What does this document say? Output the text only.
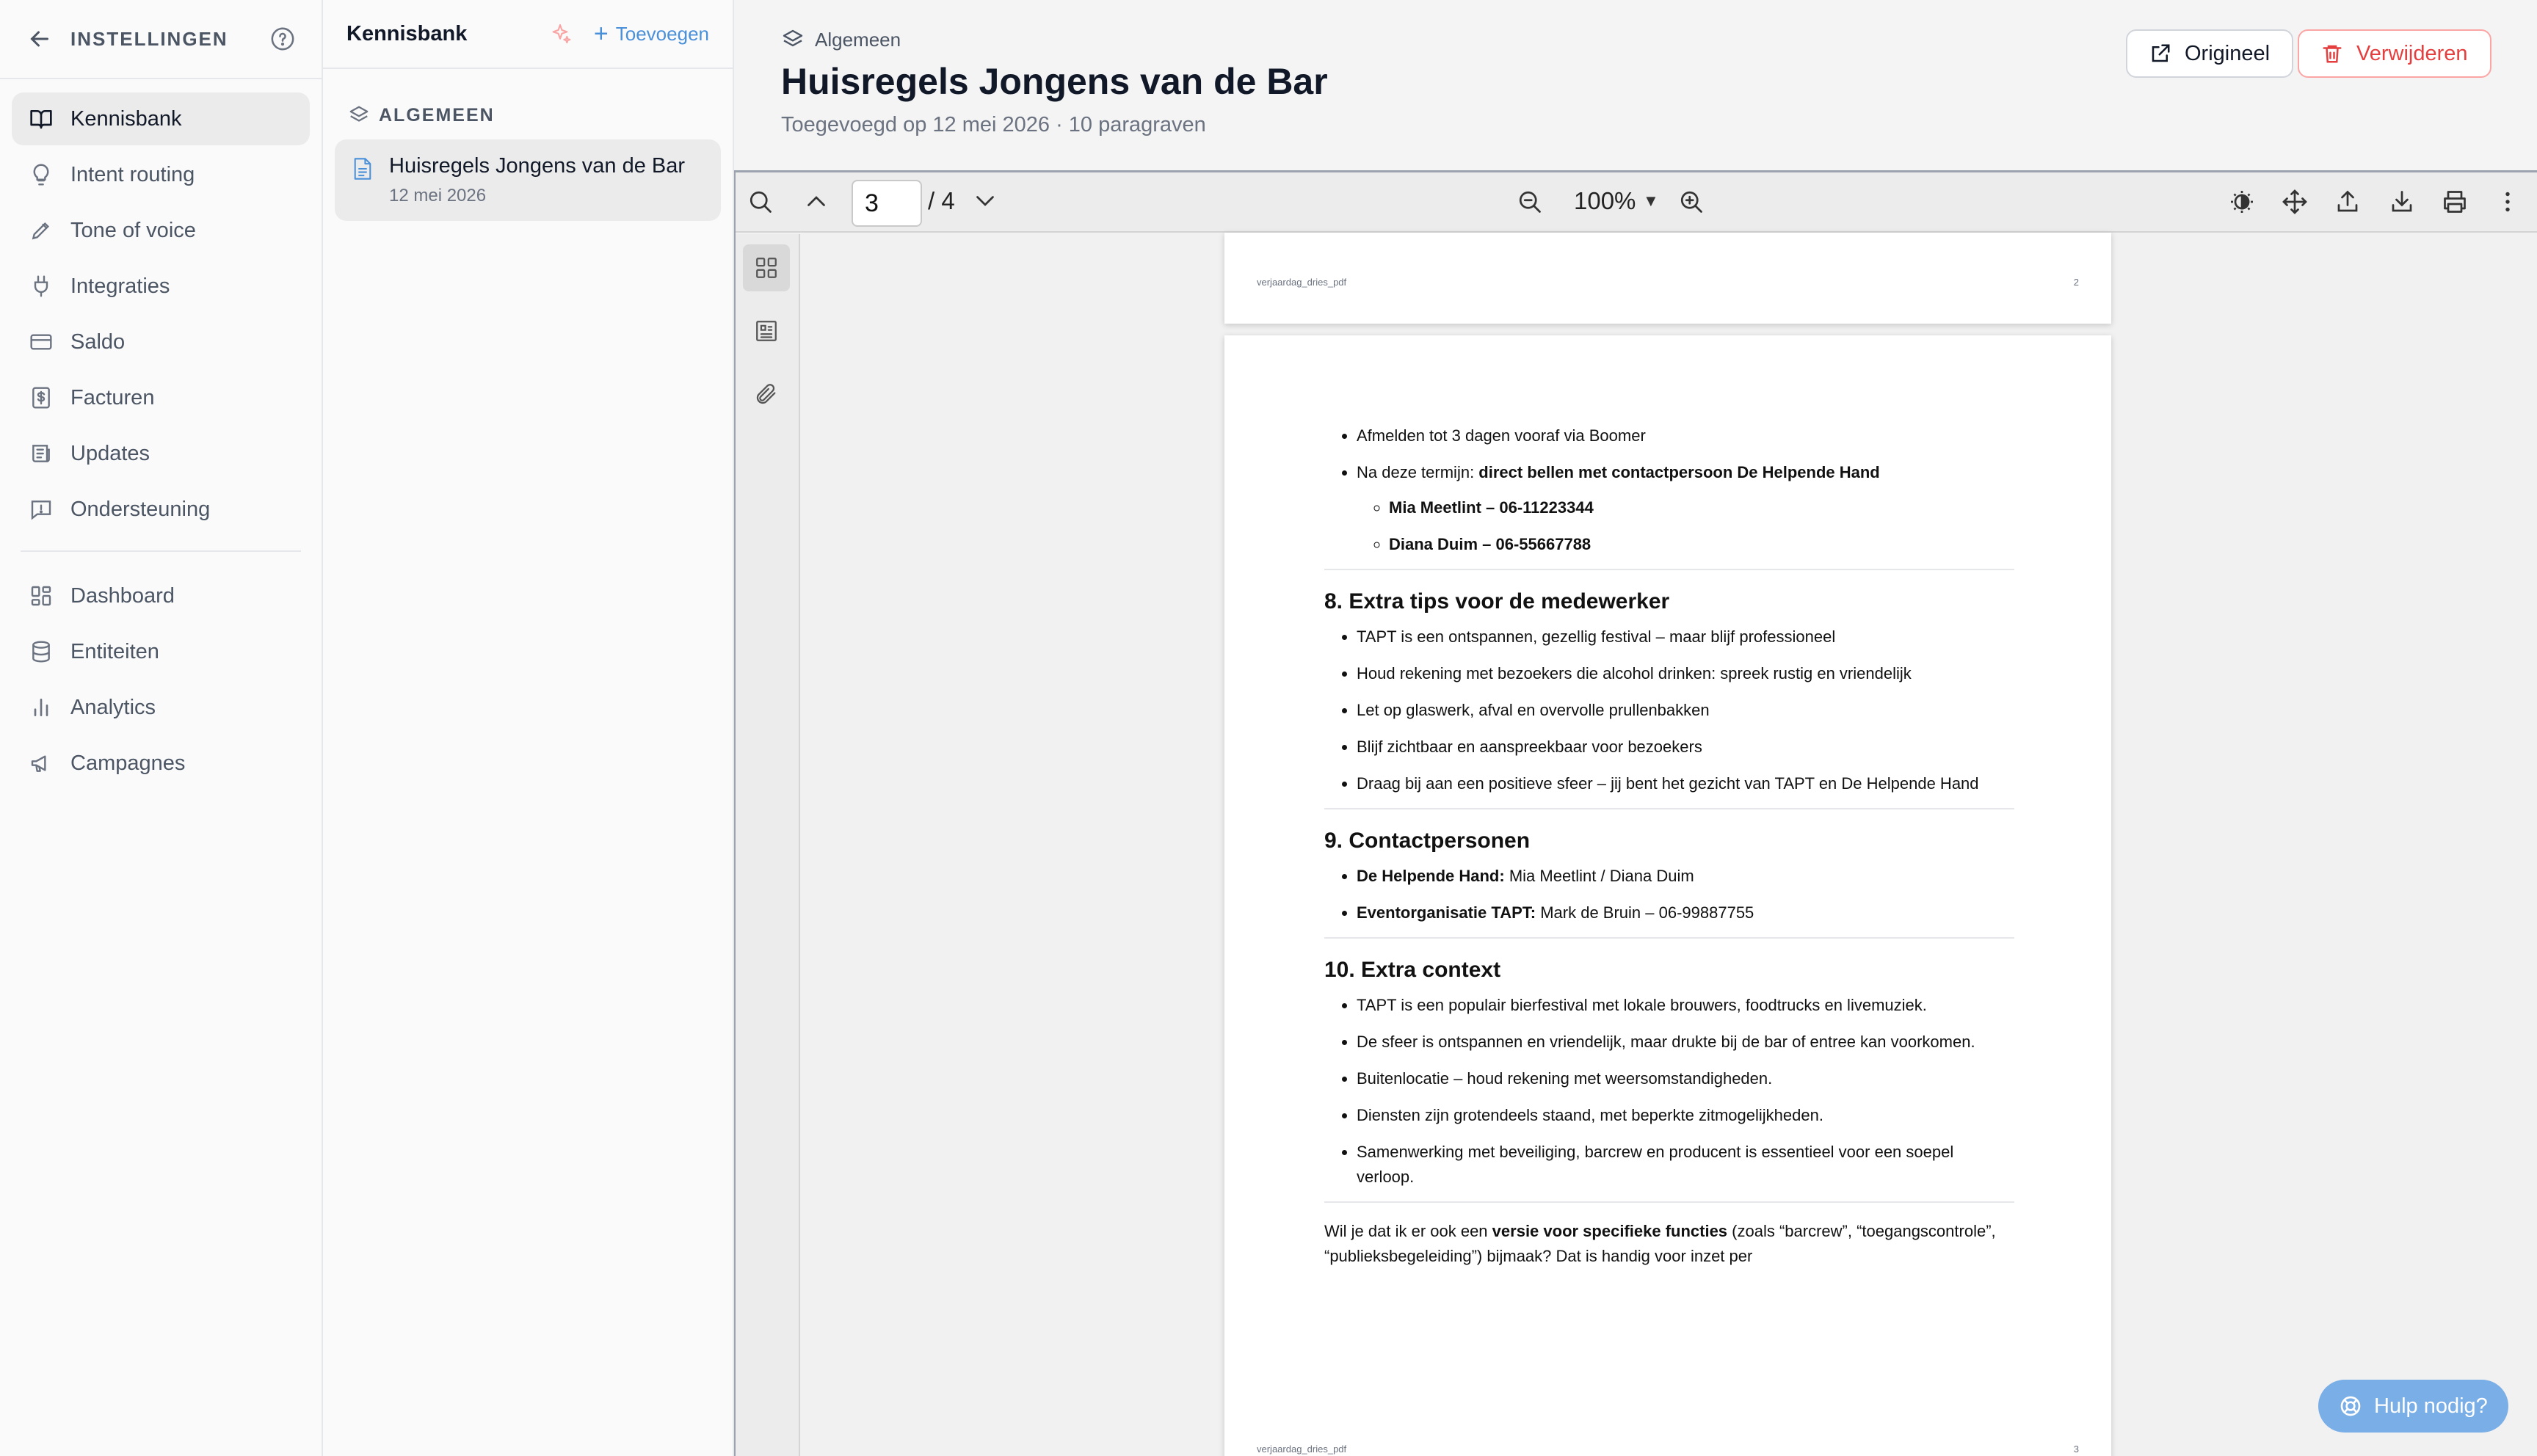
INSTELLINGEN
Kennisbank
Intent routing
Tone of voice
Integraties
Saldo
Facturen
Updates
Ondersteuning
Dashboard
Entiteiten
Analytics
Campagnes
Kennisbank	+ Toevoegen
ALGEMEEN
Huisregels Jongens van de Bar
12 mei 2026
Algemeen
Huisregels Jongens van de Bar
Toegevoegd op 12 mei 2026 · 10 paragraven
Origineel	Verwijderen
3	/ 4	100% ▼
verjaardag_dries_pdf	2
• Afmelden tot 3 dagen vooraf via Boomer
• Na deze termijn: direct bellen met contactpersoon De Helpende Hand
◦ Mia Meetlint – 06-11223344
◦ Diana Duim – 06-55667788
8. Extra tips voor de medewerker
• TAPT is een ontspannen, gezellig festival – maar blijf professioneel
• Houd rekening met bezoekers die alcohol drinken: spreek rustig en vriendelijk
• Let op glaswerk, afval en overvolle prullenbakken
• Blijf zichtbaar en aanspreekbaar voor bezoekers
• Draag bij aan een positieve sfeer – jij bent het gezicht van TAPT en De Helpende Hand
9. Contactpersonen
• De Helpende Hand: Mia Meetlint / Diana Duim
• Eventorganisatie TAPT: Mark de Bruin – 06-99887755
10. Extra context
• TAPT is een populair bierfestival met lokale brouwers, foodtrucks en livemuziek.
• De sfeer is ontspannen en vriendelijk, maar drukte bij de bar of entree kan voorkomen.
• Buitenlocatie – houd rekening met weersomstandigheden.
• Diensten zijn grotendeels staand, met beperkte zitmogelijkheden.
• Samenwerking met beveiliging, barcrew en producent is essentieel voor een soepel verloop.

Wil je dat ik er ook een versie voor specifieke functies (zoals “barcrew”, “toegangscontrole”, “publieksbegeleiding”) bijmaak? Dat is handig voor inzet per

verjaardag_dries_pdf	3
Hulp nodig?
